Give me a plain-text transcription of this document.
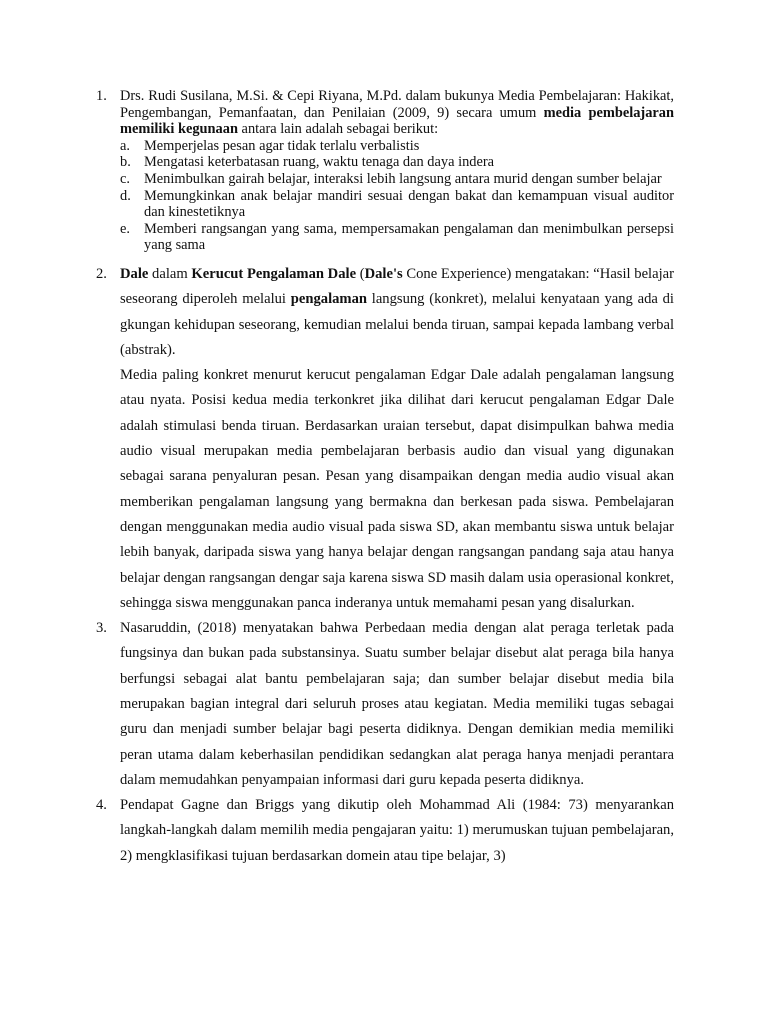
1. Drs. Rudi Susilana, M.Si. & Cepi Riyana, M.Pd. dalam bukunya Media Pembelajaran: Hakikat, Pengembangan, Pemanfaatan, dan Penilaian (2009, 9) secara umum media pembelajaran memiliki kegunaan antara lain adalah sebagai berikut:
a. Memperjelas pesan agar tidak terlalu verbalistis
b. Mengatasi keterbatasan ruang, waktu tenaga dan daya indera
c. Menimbulkan gairah belajar, interaksi lebih langsung antara murid dengan sumber belajar
d. Memungkinkan anak belajar mandiri sesuai dengan bakat dan kemampuan visual auditor dan kinestetiknya
e. Memberi rangsangan yang sama, mempersamakan pengalaman dan menimbulkan persepsi yang sama
2. Dale dalam Kerucut Pengalaman Dale (Dale's Cone Experience) mengatakan: “Hasil belajar seseorang diperoleh melalui pengalaman langsung (konkret), melalui kenyataan yang ada di gkungan kehidupan seseorang, kemudian melalui benda tiruan, sampai kepada lambang verbal (abstrak).
Media paling konkret menurut kerucut pengalaman Edgar Dale adalah pengalaman langsung atau nyata. Posisi kedua media terkonkret jika dilihat dari kerucut pengalaman Edgar Dale adalah stimulasi benda tiruan. Berdasarkan uraian tersebut, dapat disimpulkan bahwa media audio visual merupakan media pembelajaran berbasis audio dan visual yang digunakan sebagai sarana penyaluran pesan. Pesan yang disampaikan dengan media audio visual akan memberikan pengalaman langsung yang bermakna dan berkesan pada siswa. Pembelajaran dengan menggunakan media audio visual pada siswa SD, akan membantu siswa untuk belajar lebih banyak, daripada siswa yang hanya belajar dengan rangsangan pandang saja atau hanya belajar dengan rangsangan dengar saja karena siswa SD masih dalam usia operasional konkret, sehingga siswa menggunakan panca inderanya untuk memahami pesan yang disalurkan.
3. Nasaruddin, (2018) menyatakan bahwa Perbedaan media dengan alat peraga terletak pada fungsinya dan bukan pada substansinya. Suatu sumber belajar disebut alat peraga bila hanya berfungsi sebagai alat bantu pembelajaran saja; dan sumber belajar disebut media bila merupakan bagian integral dari seluruh proses atau kegiatan. Media memiliki tugas sebagai guru dan menjadi sumber belajar bagi peserta didiknya. Dengan demikian media memiliki peran utama dalam keberhasilan pendidikan sedangkan alat peraga hanya menjadi perantara dalam memudahkan penyampaian informasi dari guru kepada peserta didiknya.
4. Pendapat Gagne dan Briggs yang dikutip oleh Mohammad Ali (1984: 73) menyarankan langkah-langkah dalam memilih media pengajaran yaitu: 1) merumuskan tujuan pembelajaran, 2) mengklasifikasi tujuan berdasarkan domein atau tipe belajar, 3)
